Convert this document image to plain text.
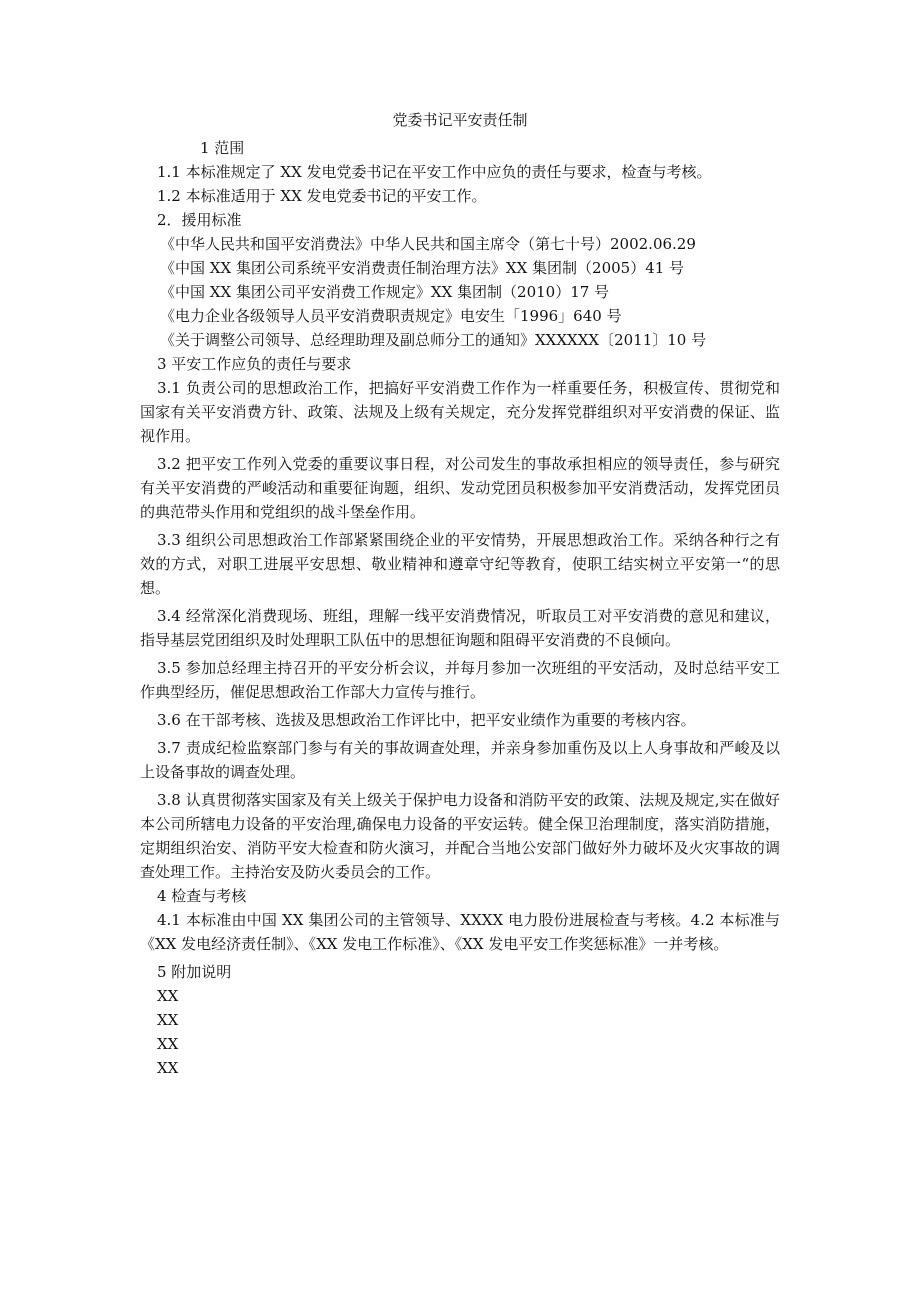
党委书记平安责任制

1 范围

1.1 本标准规定了 XX 发电党委书记在平安工作中应负的责任与要求，检查与考核。

1.2 本标准适用于 XX 发电党委书记的平安工作。

2．援用标准

《中华人民共和国平安消费法》中华人民共和国主席令（第七十号）2002.06.29

《中国 XX 集团公司系统平安消费责任制治理方法》XX 集团制（2005）41 号

《中国 XX 集团公司平安消费工作规定》XX 集团制（2010）17 号

《电力企业各级领导人员平安消费职责规定》电安生「1996」640 号

《关于调整公司领导、总经理助理及副总师分工的通知》XXXXXX〔2011〕10 号

3 平安工作应负的责任与要求

3.1 负责公司的思想政治工作，把搞好平安消费工作作为一样重要任务，积极宣传、贯彻党和国家有关平安消费方针、政策、法规及上级有关规定，充分发挥党群组织对平安消费的保证、监视作用。

3.2 把平安工作列入党委的重要议事日程，对公司发生的事故承担相应的领导责任，参与研究有关平安消费的严峻活动和重要征询题，组织、发动党团员积极参加平安消费活动，发挥党团员的典范带头作用和党组织的战斗堡垒作用。

3.3 组织公司思想政治工作部紧紧围绕企业的平安情势，开展思想政治工作。采纳各种行之有效的方式，对职工进展平安思想、敬业精神和遵章守纪等教育，使职工结实树立平安第一“的思想。

3.4 经常深化消费现场、班组，理解一线平安消费情况，听取员工对平安消费的意见和建议，指导基层党团组织及时处理职工队伍中的思想征询题和阻碍平安消费的不良倾向。

3.5 参加总经理主持召开的平安分析会议，并每月参加一次班组的平安活动，及时总结平安工作典型经历，催促思想政治工作部大力宣传与推行。

3.6 在干部考核、选拔及思想政治工作评比中，把平安业绩作为重要的考核内容。

3.7 责成纪检监察部门参与有关的事故调查处理，并亲身参加重伤及以上人身事故和严峻及以上设备事故的调查处理。

3.8 认真贯彻落实国家及有关上级关于保护电力设备和消防平安的政策、法规及规定,实在做好本公司所辖电力设备的平安治理,确保电力设备的平安运转。健全保卫治理制度，落实消防措施，定期组织治安、消防平安大检查和防火演习，并配合当地公安部门做好外力破坏及火灾事故的调查处理工作。主持治安及防火委员会的工作。

4 检查与考核

4.1 本标准由中国 XX 集团公司的主管领导、XXXX 电力股份进展检查与考核。4.2 本标准与《XX 发电经济责任制》、《XX 发电工作标准》、《XX 发电平安工作奖惩标准》一并考核。

5 附加说明

XX

XX

XX

XX
